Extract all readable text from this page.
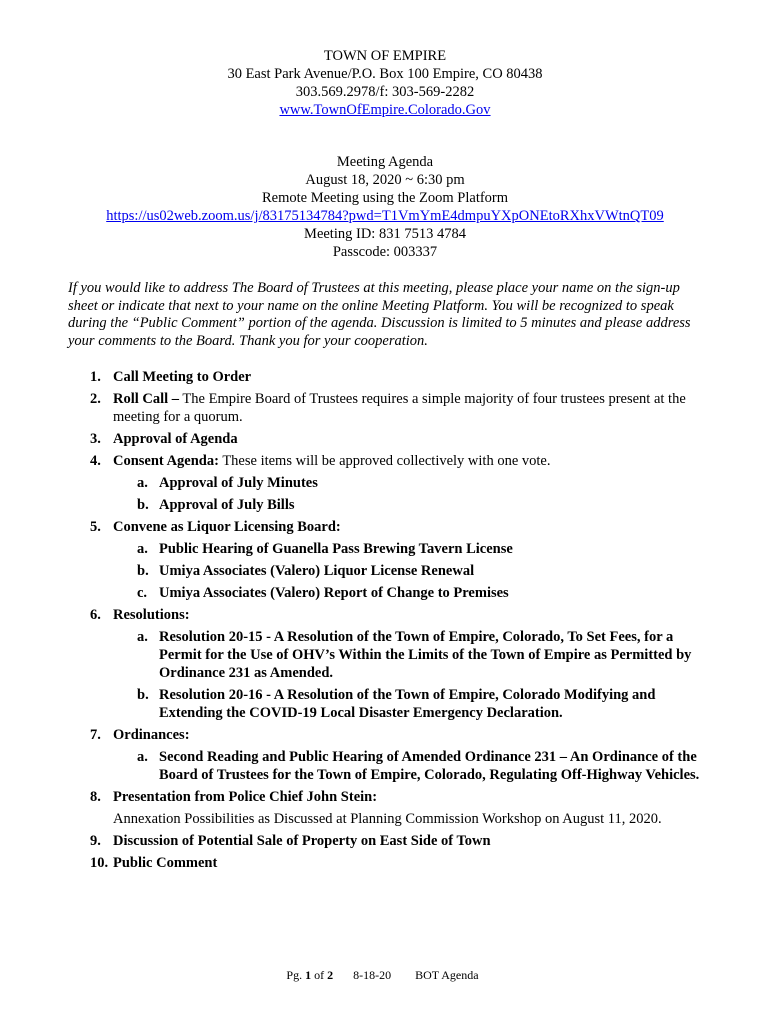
TOWN OF EMPIRE
30 East Park Avenue/P.O. Box 100 Empire, CO 80438
303.569.2978/f: 303-569-2282
www.TownOfEmpire.Colorado.Gov
Meeting Agenda
August 18, 2020 ~ 6:30 pm
Remote Meeting using the Zoom Platform
https://us02web.zoom.us/j/83175134784?pwd=T1VmYmE4dmpuYXpONEtoRXhxVWtnQT09
Meeting ID: 831 7513 4784
Passcode: 003337
If you would like to address The Board of Trustees at this meeting, please place your name on the sign-up sheet or indicate that next to your name on the online Meeting Platform. You will be recognized to speak during the “Public Comment” portion of the agenda. Discussion is limited to 5 minutes and please address your comments to the Board. Thank you for your cooperation.
1. Call Meeting to Order
2. Roll Call – The Empire Board of Trustees requires a simple majority of four trustees present at the meeting for a quorum.
3. Approval of Agenda
4. Consent Agenda: These items will be approved collectively with one vote.
a. Approval of July Minutes
b. Approval of July Bills
5. Convene as Liquor Licensing Board:
a. Public Hearing of Guanella Pass Brewing Tavern License
b. Umiya Associates (Valero) Liquor License Renewal
c. Umiya Associates (Valero) Report of Change to Premises
6. Resolutions:
a. Resolution 20-15 - A Resolution of the Town of Empire, Colorado, To Set Fees, for a Permit for the Use of OHV’s Within the Limits of the Town of Empire as Permitted by Ordinance 231 as Amended.
b. Resolution 20-16 - A Resolution of the Town of Empire, Colorado Modifying and Extending the COVID-19 Local Disaster Emergency Declaration.
7. Ordinances:
a. Second Reading and Public Hearing of Amended Ordinance 231 – An Ordinance of the Board of Trustees for the Town of Empire, Colorado, Regulating Off-Highway Vehicles.
8. Presentation from Police Chief John Stein:
Annexation Possibilities as Discussed at Planning Commission Workshop on August 11, 2020.
9. Discussion of Potential Sale of Property on East Side of Town
10. Public Comment
Pg. 1 of 2 8-18-20 BOT Agenda
